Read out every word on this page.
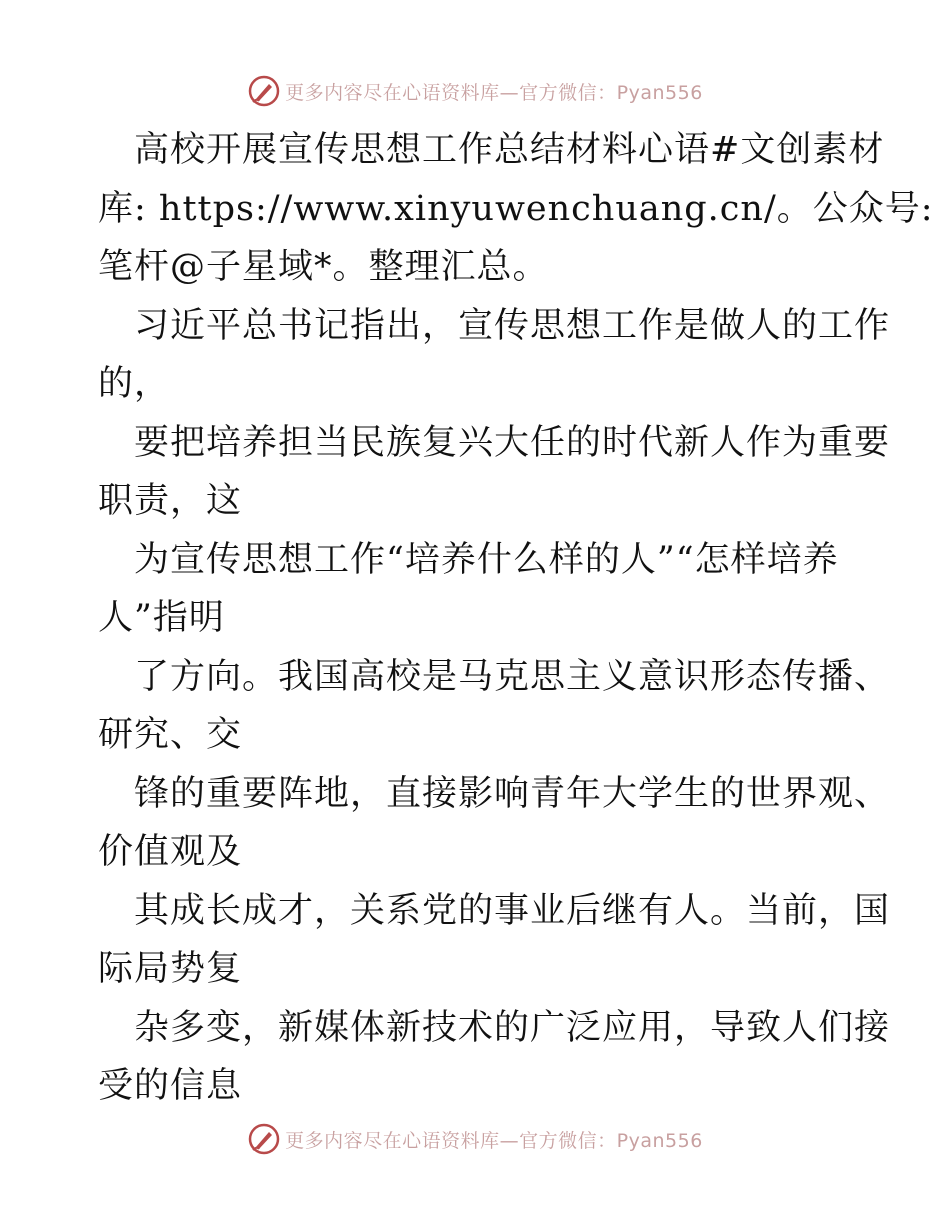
更多内容尽在心语资料库—官方微信：Pyan556
高校开展宣传思想工作总结材料心语#文创素材
库: https://www.xinyuwenchuang.cn/。公众号:
笔杆@子星域*。整理汇总。
习近平总书记指出，宣传思想工作是做人的工作
的，
要把培养担当民族复兴大任的时代新人作为重要
职责，这
为宣传思想工作“培养什么样的人”“怎样培养
人”指明
了方向。我国高校是马克思主义意识形态传播、
研究、交
锋的重要阵地，直接影响青年大学生的世界观、
价值观及
其成长成才，关系党的事业后继有人。当前，国
际局势复
杂多变，新媒体新技术的广泛应用，导致人们接
受的信息
更多内容尽在心语资料库—官方微信：Pyan556
